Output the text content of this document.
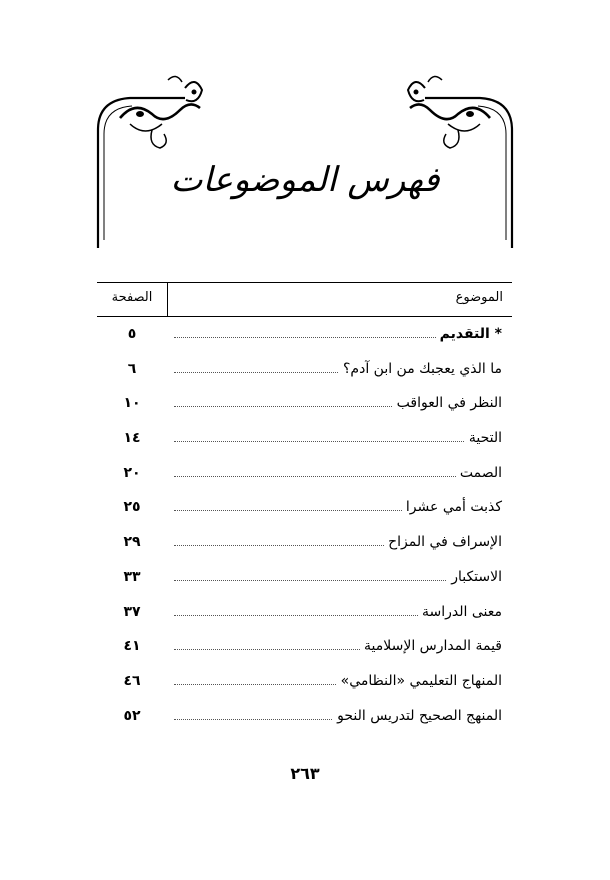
فهرس الموضوعات
الموضوع
الصفحة
* التقديم
٥
ما الذي يعجبك من ابن آدم؟
٦
النظر في العواقب
١٠
التحية
١٤
الصمت
٢٠
كذبت أمي عشرا
٢٥
الإسراف في المزاح
٢٩
الاستكبار
٣٣
معنى الدراسة
٣٧
قيمة المدارس الإسلامية
٤١
المنهاج التعليمي «النظامي»
٤٦
المنهج الصحيح لتدريس النحو
٥٢
٢٦٣
